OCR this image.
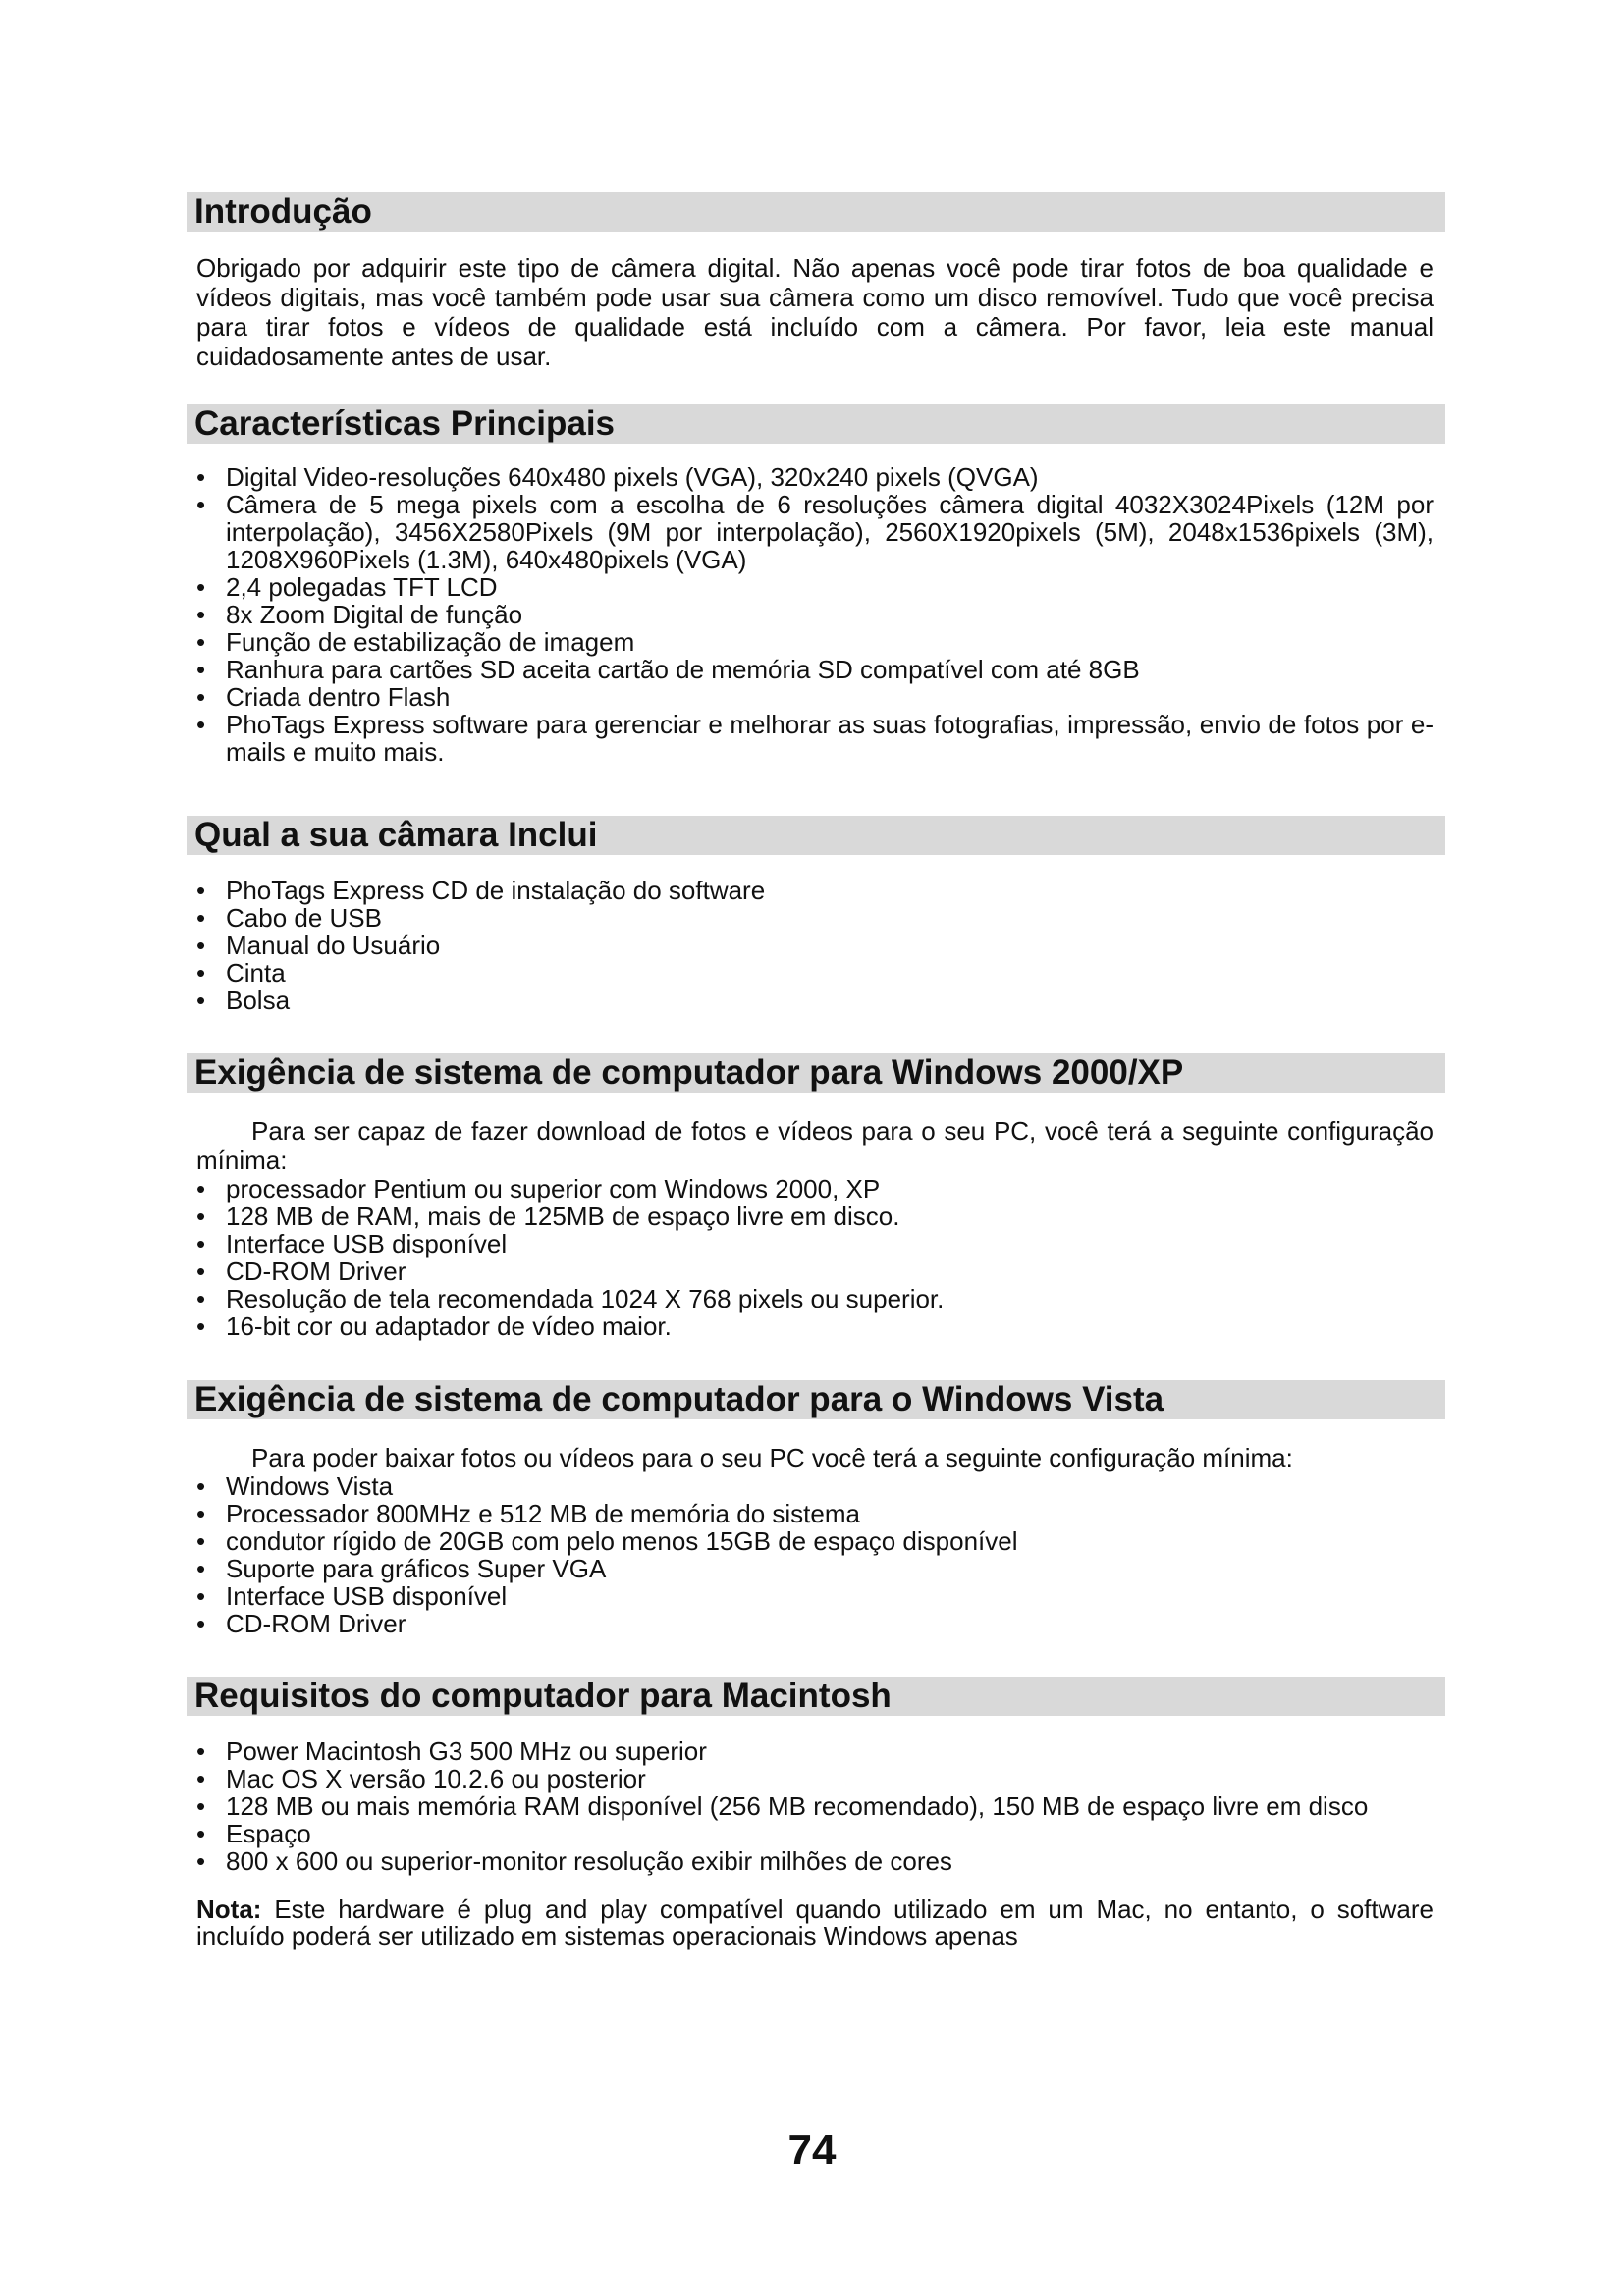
Introdução

Obrigado por adquirir este tipo de câmera digital. Não apenas você pode tirar fotos de boa qualidade e vídeos digitais, mas você também pode usar sua câmera como um disco removível. Tudo que você precisa para tirar fotos e vídeos de qualidade está incluído com a câmera. Por favor, leia este manual cuidadosamente antes de usar.

Características Principais
• Digital Video-resoluções 640x480 pixels (VGA), 320x240 pixels (QVGA)
• Câmera de 5 mega pixels com a escolha de 6 resoluções câmera digital 4032X3024Pixels (12M por interpolação), 3456X2580Pixels (9M por interpolação), 2560X1920pixels (5M), 2048x1536pixels (3M), 1208X960Pixels (1.3M), 640x480pixels (VGA)
• 2,4 polegadas TFT LCD
• 8x Zoom Digital de função
• Função de estabilização de imagem
• Ranhura para cartões SD aceita cartão de memória SD compatível com até 8GB
• Criada dentro Flash
• PhoTags Express software para gerenciar e melhorar as suas fotografias, impressão, envio de fotos por e-mails e muito mais.
Qual a sua câmara Inclui
• PhoTags Express CD de instalação do software
• Cabo de USB
• Manual do Usuário
• Cinta
• Bolsa
Exigência de sistema de computador para Windows 2000/XP

Para ser capaz de fazer download de fotos e vídeos para o seu PC, você terá a seguinte configuração mínima:

• processador Pentium ou superior com Windows 2000, XP
• 128 MB de RAM, mais de 125MB de espaço livre em disco.
• Interface USB disponível
• CD-ROM Driver
• Resolução de tela recomendada 1024 X 768 pixels ou superior.
• 16-bit cor ou adaptador de vídeo maior.
Exigência de sistema de computador para o Windows Vista

Para poder baixar fotos ou vídeos para o seu PC você terá a seguinte configuração mínima:

• Windows Vista
• Processador 800MHz e 512 MB de memória do sistema
• condutor rígido de 20GB com pelo menos 15GB de espaço disponível
• Suporte para gráficos Super VGA
• Interface USB disponível
• CD-ROM Driver
Requisitos do computador para Macintosh
• Power Macintosh G3 500 MHz ou superior
• Mac OS X versão 10.2.6 ou posterior
• 128 MB ou mais memória RAM disponível (256 MB recomendado), 150 MB de espaço livre em disco
• Espaço
• 800 x 600 ou superior-monitor resolução exibir milhões de cores

Nota: Este hardware é plug and play compatível quando utilizado em um Mac, no entanto, o software incluído poderá ser utilizado em sistemas operacionais Windows apenas

74
